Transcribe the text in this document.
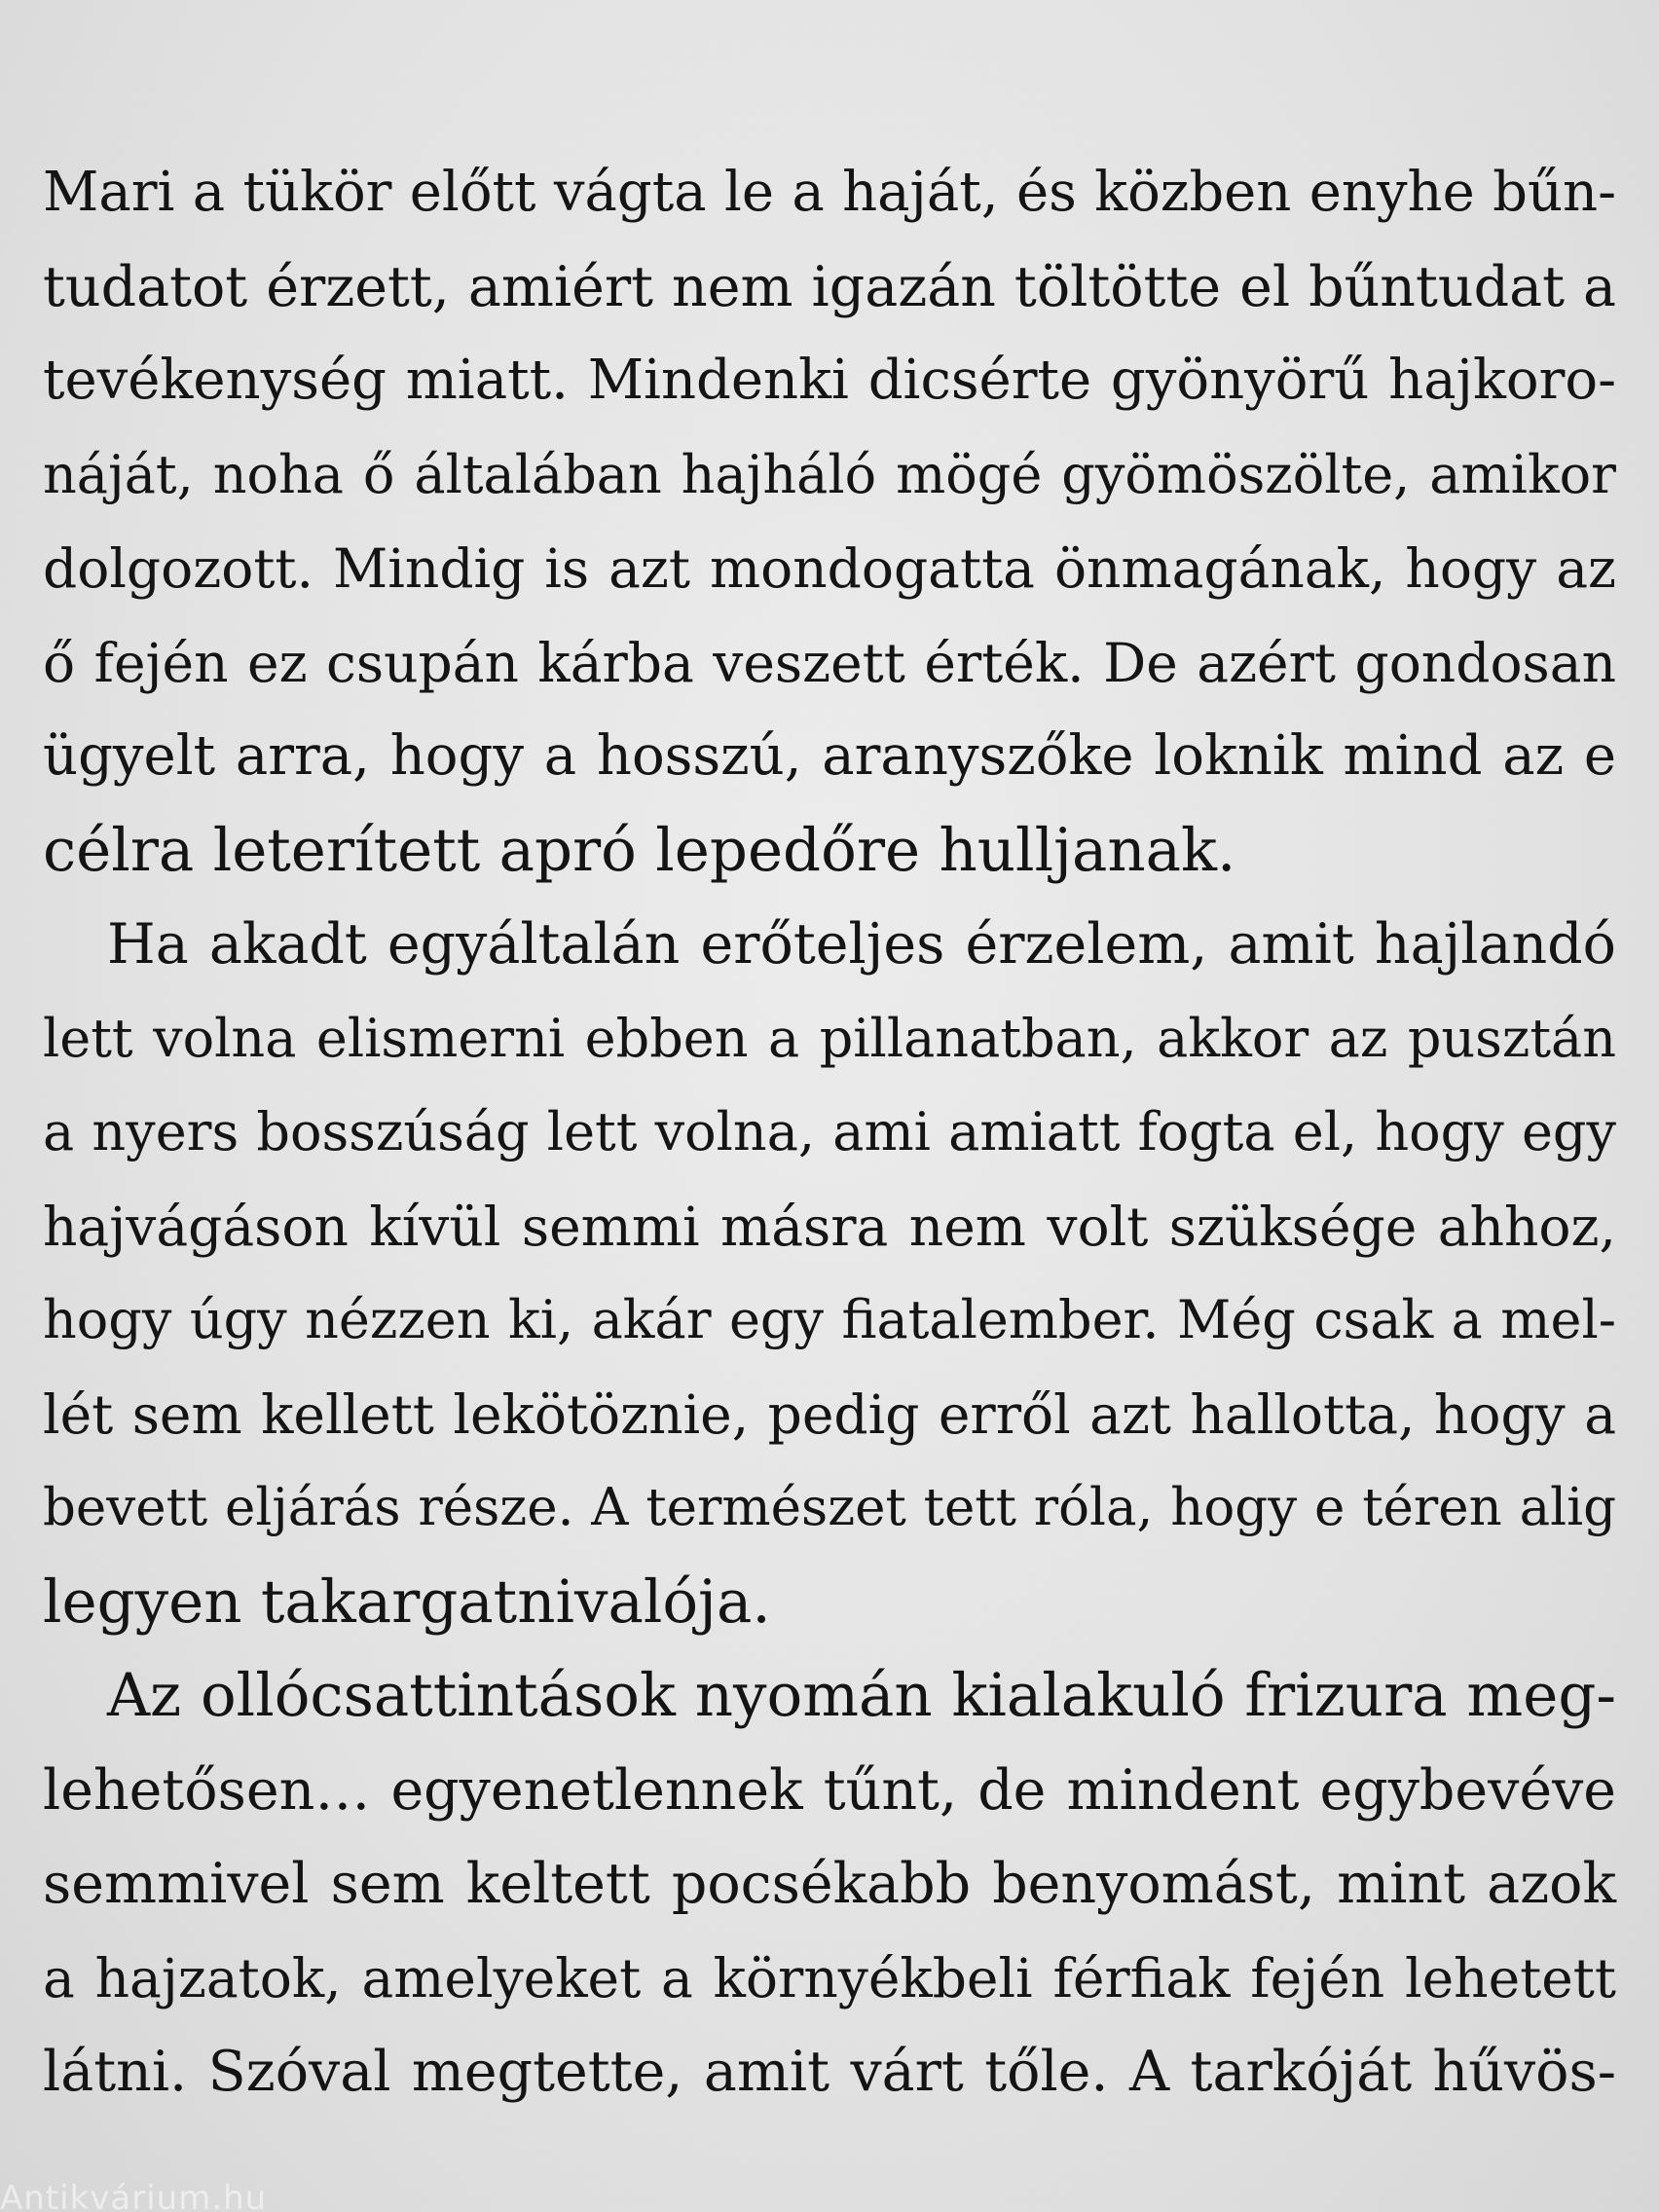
Mari a tükör előtt vágta le a haját, és közben enyhe bűn-
tudatot érzett, amiért nem igazán töltötte el bűntudat a
tevékenység miatt. Mindenki dicsérte gyönyörű hajkoro-
náját, noha ő általában hajháló mögé gyömöszölte, amikor
dolgozott. Mindig is azt mondogatta önmagának, hogy az
ő fején ez csupán kárba veszett érték. De azért gondosan
ügyelt arra, hogy a hosszú, aranyszőke loknik mind az e
célra leterített apró lepedőre hulljanak.
Ha akadt egyáltalán erőteljes érzelem, amit hajlandó
lett volna elismerni ebben a pillanatban, akkor az pusztán
a nyers bosszúság lett volna, ami amiatt fogta el, hogy egy
hajvágáson kívül semmi másra nem volt szüksége ahhoz,
hogy úgy nézzen ki, akár egy fiatalember. Még csak a mel-
lét sem kellett lekötöznie, pedig erről azt hallotta, hogy a
bevett eljárás része. A természet tett róla, hogy e téren alig
legyen takargatnivalója.
Az ollócsattintások nyomán kialakuló frizura meg-
lehetősen… egyenetlennek tűnt, de mindent egybevéve
semmivel sem keltett pocsékabb benyomást, mint azok
a hajzatok, amelyeket a környékbeli férfiak fején lehetett
látni. Szóval megtette, amit várt tőle. A tarkóját hűvös-
Antikvárium.hu
